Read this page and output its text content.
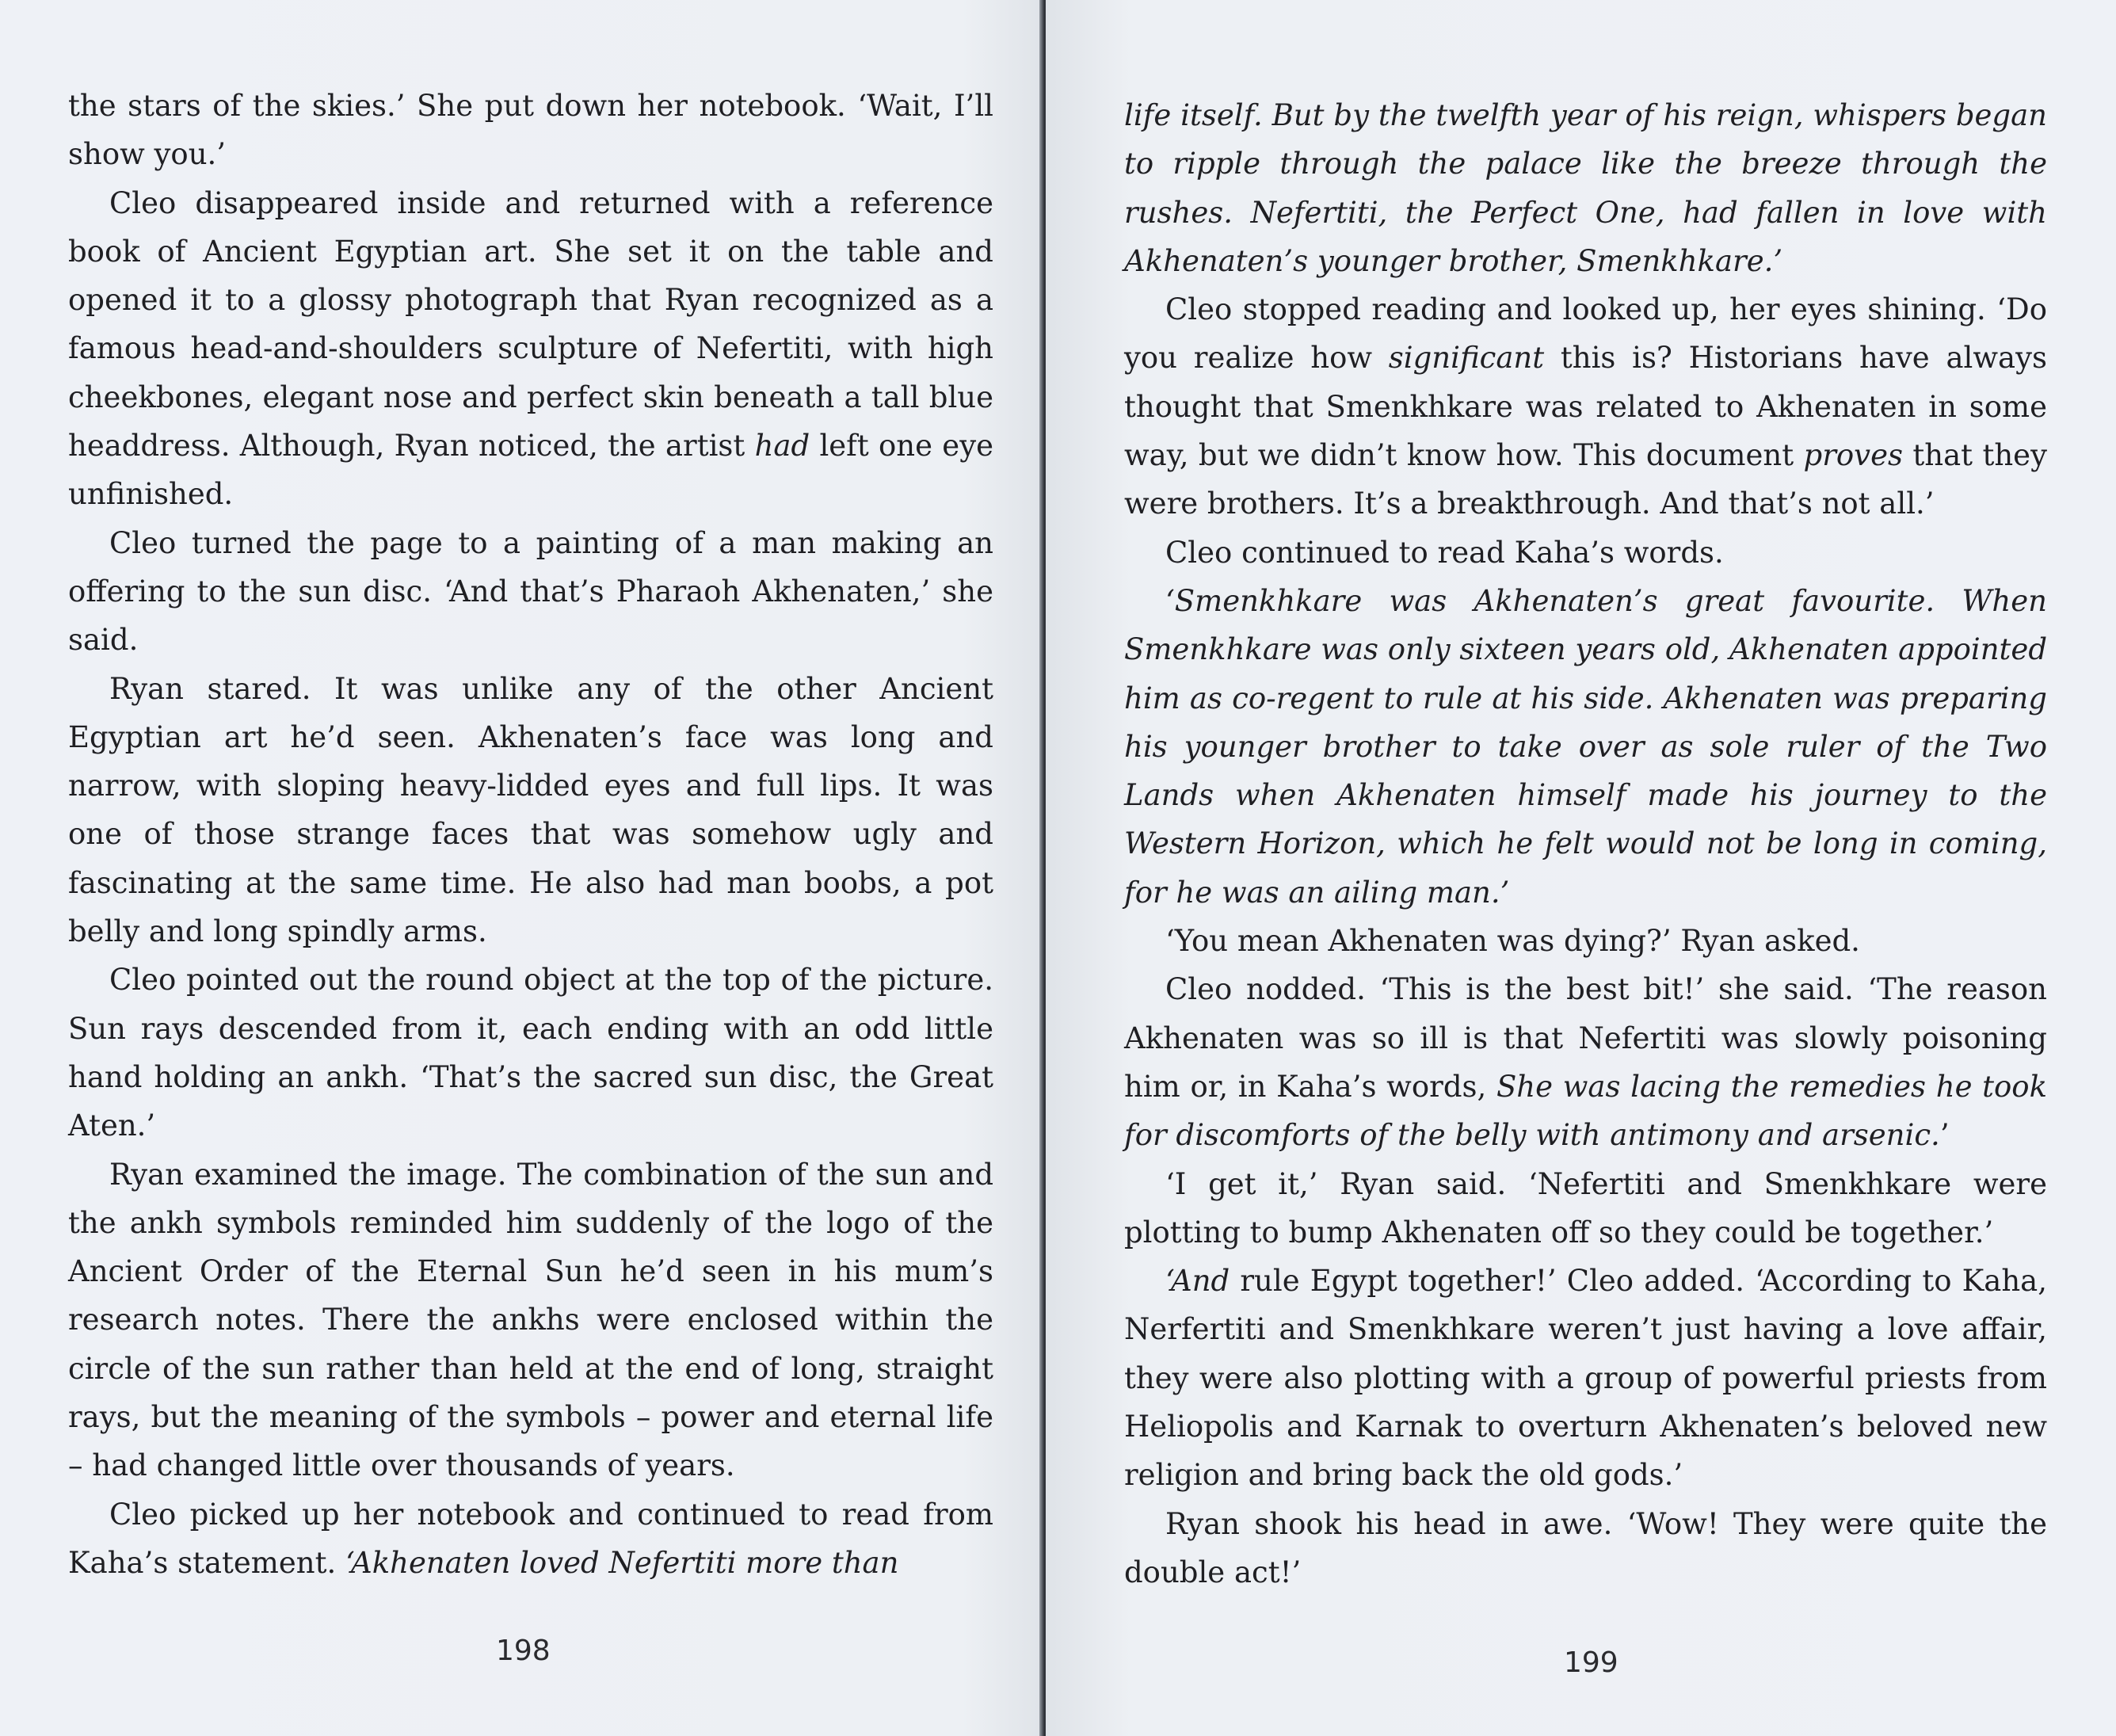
the stars of the skies.’ She put down her notebook. ‘Wait, I’ll show you.’

Cleo disappeared inside and returned with a reference book of Ancient Egyptian art. She set it on the table and opened it to a glossy photograph that Ryan recognized as a famous head-and-shoulders sculpture of Nefertiti, with high cheekbones, elegant nose and perfect skin beneath a tall blue headdress. Although, Ryan noticed, the artist had left one eye unfinished.

Cleo turned the page to a painting of a man making an offering to the sun disc. ‘And that’s Pharaoh Akhenaten,’ she said.

Ryan stared. It was unlike any of the other Ancient Egyptian art he’d seen. Akhenaten’s face was long and narrow, with sloping heavy-lidded eyes and full lips. It was one of those strange faces that was somehow ugly and fascinating at the same time. He also had man boobs, a pot belly and long spindly arms.

Cleo pointed out the round object at the top of the picture. Sun rays descended from it, each ending with an odd little hand holding an ankh. ‘That’s the sacred sun disc, the Great Aten.’

Ryan examined the image. The combination of the sun and the ankh symbols reminded him suddenly of the logo of the Ancient Order of the Eternal Sun he’d seen in his mum’s research notes. There the ankhs were enclosed within the circle of the sun rather than held at the end of long, straight rays, but the meaning of the symbols – power and eternal life – had changed little over thousands of years.

Cleo picked up her notebook and continued to read from Kaha’s statement. ‘Akhenaten loved Nefertiti more than

198

life itself. But by the twelfth year of his reign, whispers began to ripple through the palace like the breeze through the rushes. Nefertiti, the Perfect One, had fallen in love with Akhenaten’s younger brother, Smenkhkare.’

Cleo stopped reading and looked up, her eyes shining. ‘Do you realize how significant this is? Historians have always thought that Smenkhkare was related to Akhenaten in some way, but we didn’t know how. This document proves that they were brothers. It’s a breakthrough. And that’s not all.’

Cleo continued to read Kaha’s words.

‘Smenkhkare was Akhenaten’s great favourite. When Smenkhkare was only sixteen years old, Akhenaten appointed him as co-regent to rule at his side. Akhenaten was preparing his younger brother to take over as sole ruler of the Two Lands when Akhenaten himself made his journey to the Western Horizon, which he felt would not be long in coming, for he was an ailing man.’

‘You mean Akhenaten was dying?’ Ryan asked.

Cleo nodded. ‘This is the best bit!’ she said. ‘The reason Akhenaten was so ill is that Nefertiti was slowly poisoning him or, in Kaha’s words, She was lacing the remedies he took for discomforts of the belly with antimony and arsenic.’

‘I get it,’ Ryan said. ‘Nefertiti and Smenkhkare were plotting to bump Akhenaten off so they could be together.’

‘And rule Egypt together!’ Cleo added. ‘According to Kaha, Nerfertiti and Smenkhkare weren’t just having a love affair, they were also plotting with a group of powerful priests from Heliopolis and Karnak to overturn Akhenaten’s beloved new religion and bring back the old gods.’

Ryan shook his head in awe. ‘Wow! They were quite the double act!’

199
